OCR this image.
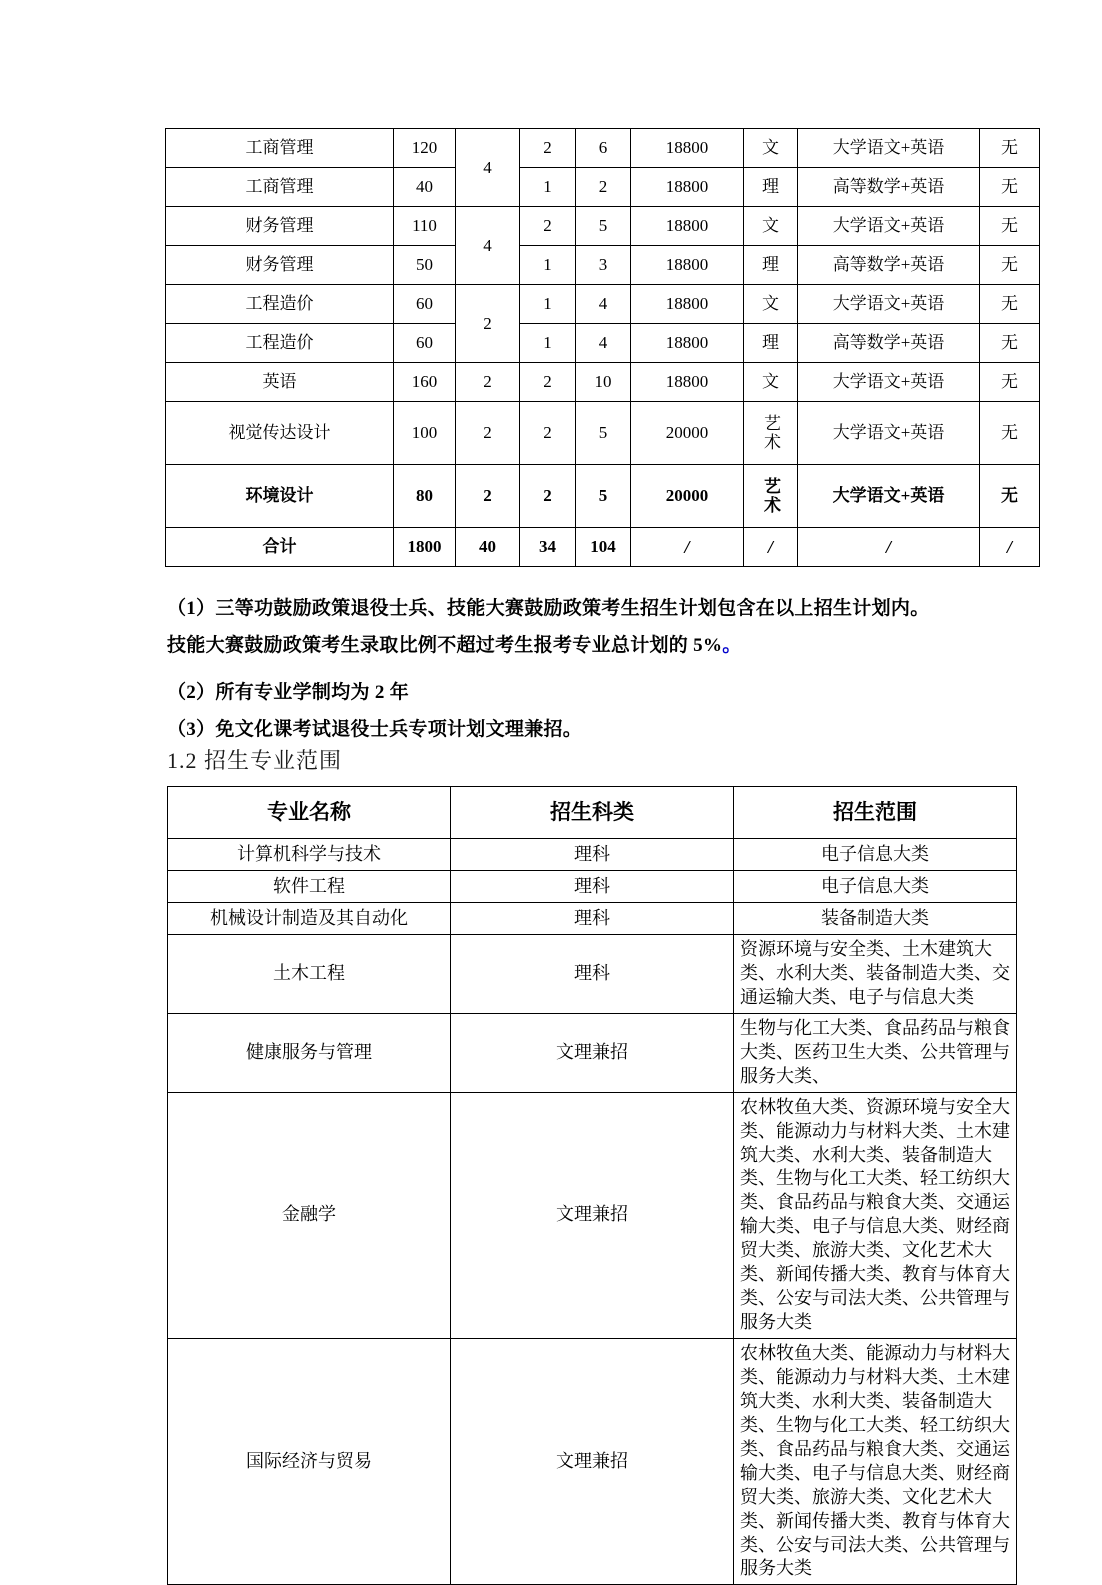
工商管理	120	4	2	6	18800	文	大学语文+英语	无
工商管理	40		1	2	18800	理	高等数学+英语	无
财务管理	110	4	2	5	18800	文	大学语文+英语	无
财务管理	50		1	3	18800	理	高等数学+英语	无
工程造价	60	2	1	4	18800	文	大学语文+英语	无
工程造价	60		1	4	18800	理	高等数学+英语	无
英语	160	2	2	10	18800	文	大学语文+英语	无
视觉传达设计	100	2	2	5	20000	艺术	大学语文+英语	无
环境设计	80	2	2	5	20000	艺术	大学语文+英语	无
合计	1800	40	34	104	/	/	/	/
（1）三等功鼓励政策退役士兵、技能大赛鼓励政策考生招生计划包含在以上招生计划内。
技能大赛鼓励政策考生录取比例不超过考生报考专业总计划的 5%。
（2）所有专业学制均为 2 年
（3）免文化课考试退役士兵专项计划文理兼招。
1.2 招生专业范围
专业名称	招生科类	招生范围
计算机科学与技术	理科	电子信息大类
软件工程	理科	电子信息大类
机械设计制造及其自动化	理科	装备制造大类
土木工程	理科	资源环境与安全类、土木建筑大类、水利大类、装备制造大类、交通运输大类、电子与信息大类
健康服务与管理	文理兼招	生物与化工大类、食品药品与粮食大类、医药卫生大类、公共管理与服务大类、
金融学	文理兼招	农林牧鱼大类、资源环境与安全大类、能源动力与材料大类、土木建筑大类、水利大类、装备制造大类、生物与化工大类、轻工纺织大类、食品药品与粮食大类、交通运输大类、电子与信息大类、财经商贸大类、旅游大类、文化艺术大类、新闻传播大类、教育与体育大类、公安与司法大类、公共管理与服务大类
国际经济与贸易	文理兼招	农林牧鱼大类、能源动力与材料大类、能源动力与材料大类、土木建筑大类、水利大类、装备制造大类、生物与化工大类、轻工纺织大类、食品药品与粮食大类、交通运输大类、电子与信息大类、财经商贸大类、旅游大类、文化艺术大类、新闻传播大类、教育与体育大类、公安与司法大类、公共管理与服务大类
